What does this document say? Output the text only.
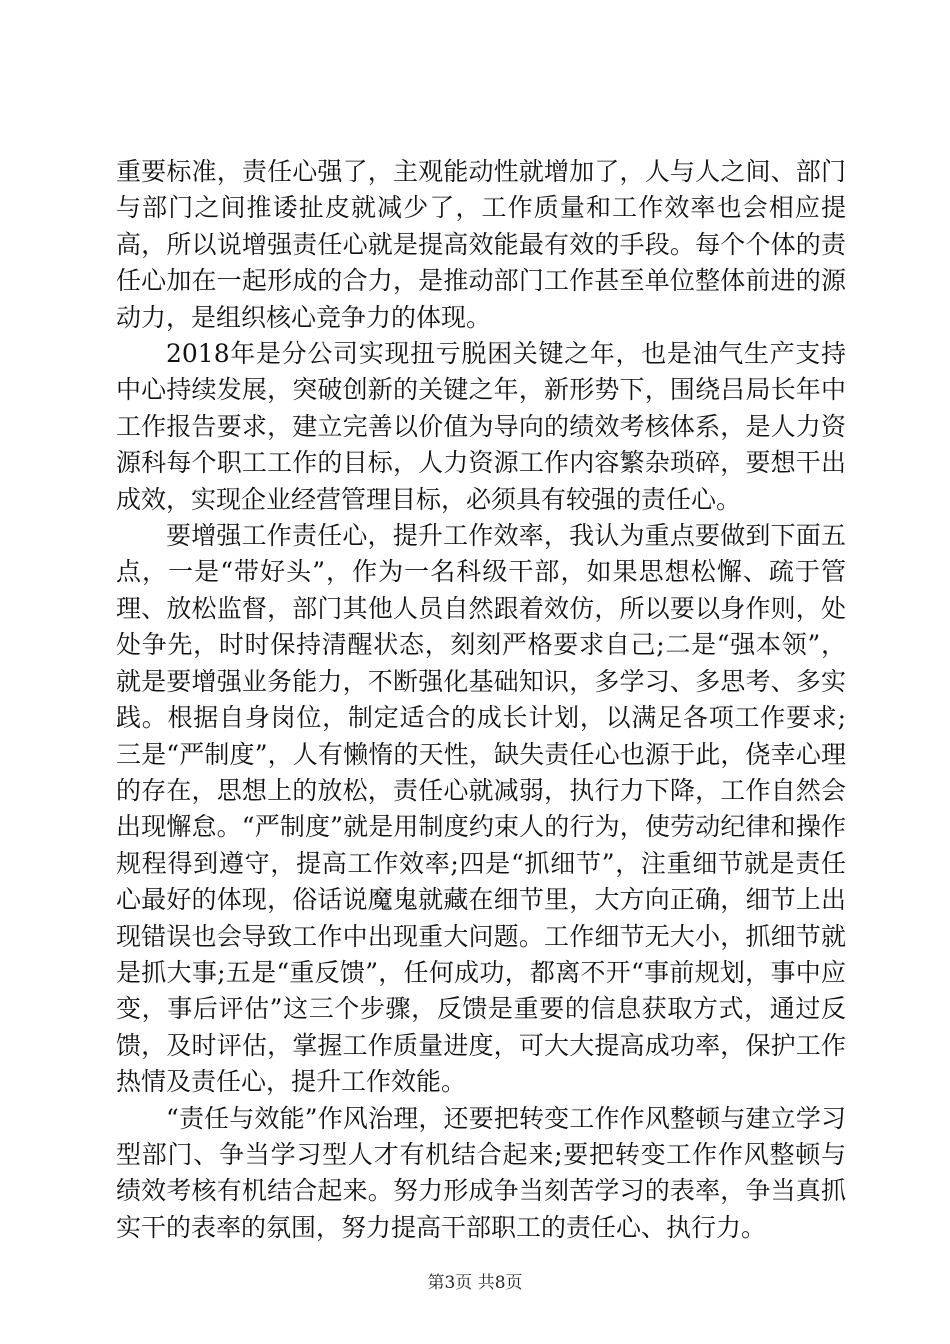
重要标准，责任心强了，主观能动性就增加了，人与人之间、部门与部门之间推诿扯皮就减少了，工作质量和工作效率也会相应提高，所以说增强责任心就是提高效能最有效的手段。每个个体的责任心加在一起形成的合力，是推动部门工作甚至单位整体前进的源动力，是组织核心竞争力的体现。

2018年是分公司实现扭亏脱困关键之年，也是油气生产支持中心持续发展，突破创新的关键之年，新形势下，围绕吕局长年中工作报告要求，建立完善以价值为导向的绩效考核体系，是人力资源科每个职工工作的目标，人力资源工作内容繁杂琐碎，要想干出成效，实现企业经营管理目标，必须具有较强的责任心。

要增强工作责任心，提升工作效率，我认为重点要做到下面五点，一是“带好头”，作为一名科级干部，如果思想松懈、疏于管理、放松监督，部门其他人员自然跟着效仿，所以要以身作则，处处争先，时时保持清醒状态，刻刻严格要求自己;二是“强本领”，就是要增强业务能力，不断强化基础知识，多学习、多思考、多实践。根据自身岗位，制定适合的成长计划，以满足各项工作要求;三是“严制度”，人有懒惰的天性，缺失责任心也源于此，侥幸心理的存在，思想上的放松，责任心就减弱，执行力下降，工作自然会出现懈怠。“严制度”就是用制度约束人的行为，使劳动纪律和操作规程得到遵守，提高工作效率;四是“抓细节”，注重细节就是责任心最好的体现，俗话说魔鬼就藏在细节里，大方向正确，细节上出现错误也会导致工作中出现重大问题。工作细节无大小，抓细节就是抓大事;五是“重反馈”，任何成功，都离不开“事前规划，事中应变，事后评估”这三个步骤，反馈是重要的信息获取方式，通过反馈，及时评估，掌握工作质量进度，可大大提高成功率，保护工作热情及责任心，提升工作效能。

“责任与效能”作风治理，还要把转变工作作风整顿与建立学习型部门、争当学习型人才有机结合起来;要把转变工作作风整顿与绩效考核有机结合起来。努力形成争当刻苦学习的表率，争当真抓实干的表率的氛围，努力提高干部职工的责任心、执行力。

第3页 共8页
